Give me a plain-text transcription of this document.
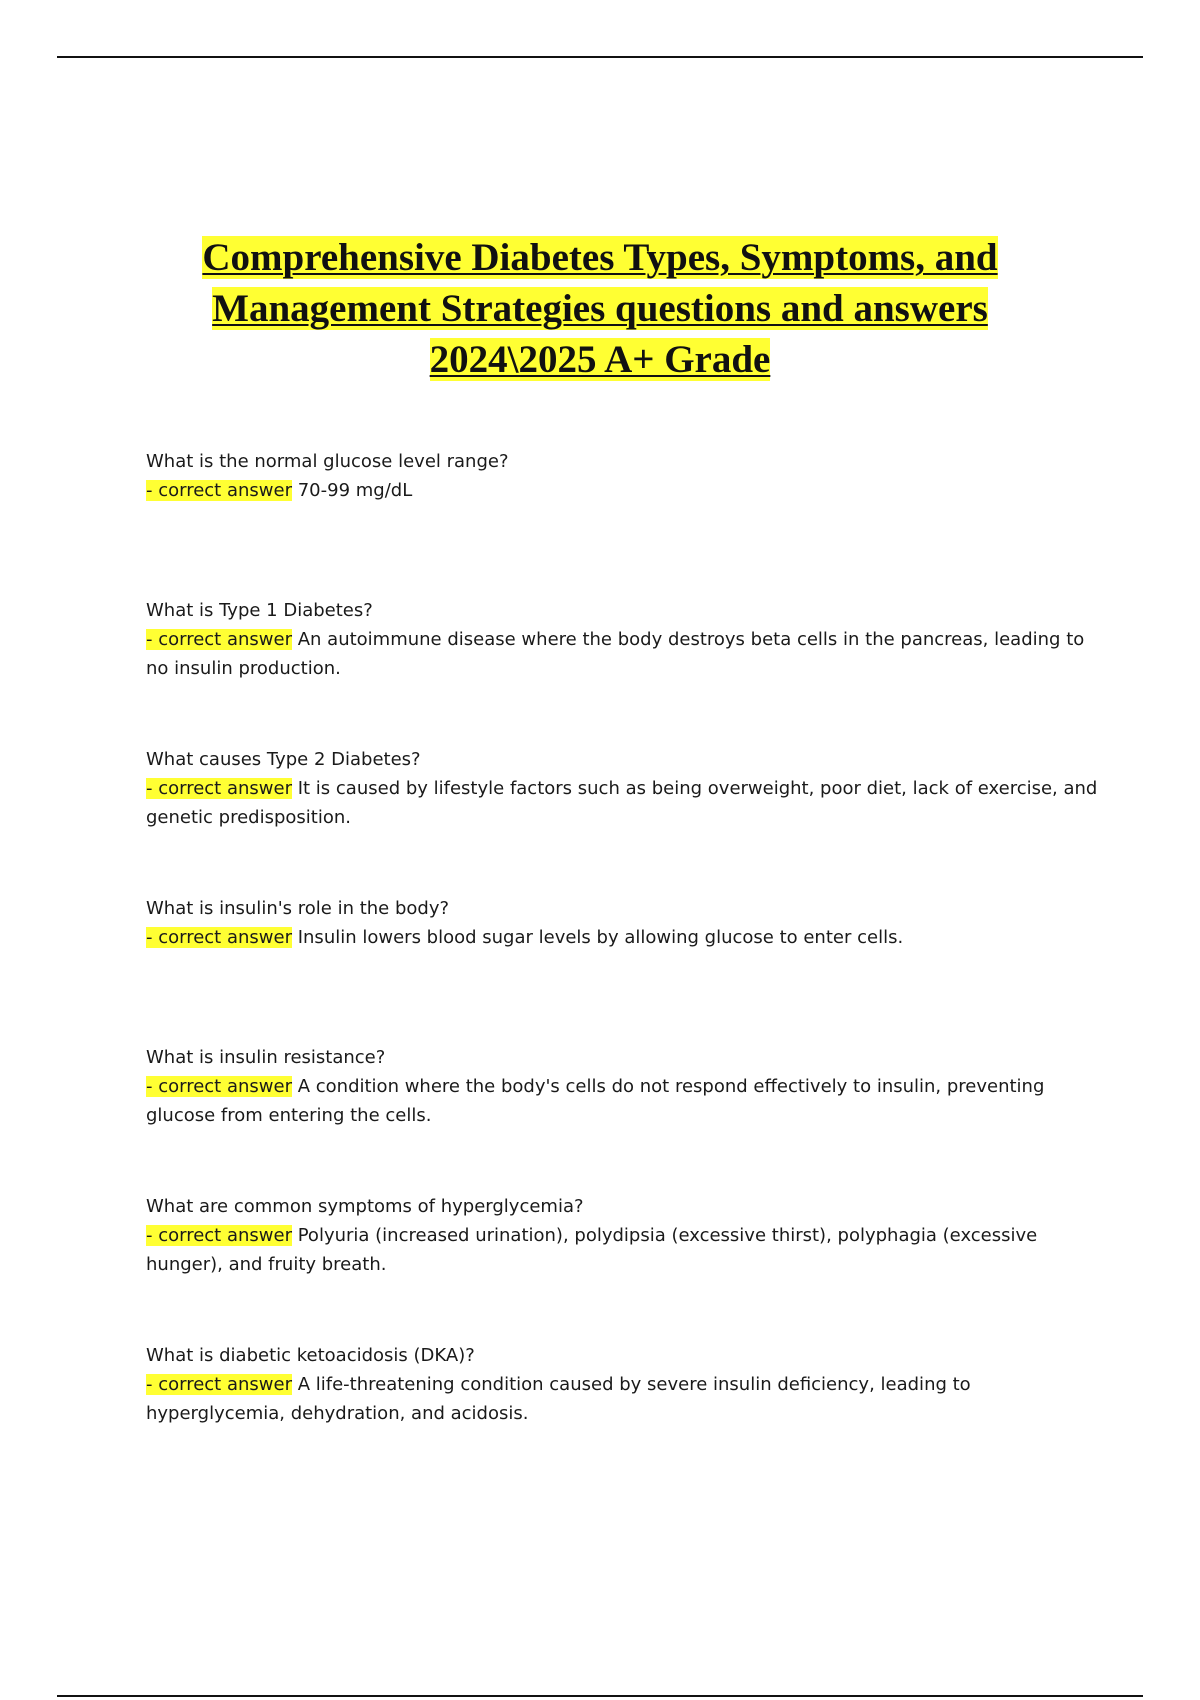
Comprehensive Diabetes Types, Symptoms, and
Management Strategies questions and answers
2024\2025 A+ Grade
What is the normal glucose level range?
- correct answer 70-99 mg/dL
What is Type 1 Diabetes?
- correct answer An autoimmune disease where the body destroys beta cells in the pancreas, leading to no insulin production.
What causes Type 2 Diabetes?
- correct answer It is caused by lifestyle factors such as being overweight, poor diet, lack of exercise, and genetic predisposition.
What is insulin's role in the body?
- correct answer Insulin lowers blood sugar levels by allowing glucose to enter cells.
What is insulin resistance?
- correct answer A condition where the body's cells do not respond effectively to insulin, preventing glucose from entering the cells.
What are common symptoms of hyperglycemia?
- correct answer Polyuria (increased urination), polydipsia (excessive thirst), polyphagia (excessive hunger), and fruity breath.
What is diabetic ketoacidosis (DKA)?
- correct answer A life-threatening condition caused by severe insulin deficiency, leading to hyperglycemia, dehydration, and acidosis.
